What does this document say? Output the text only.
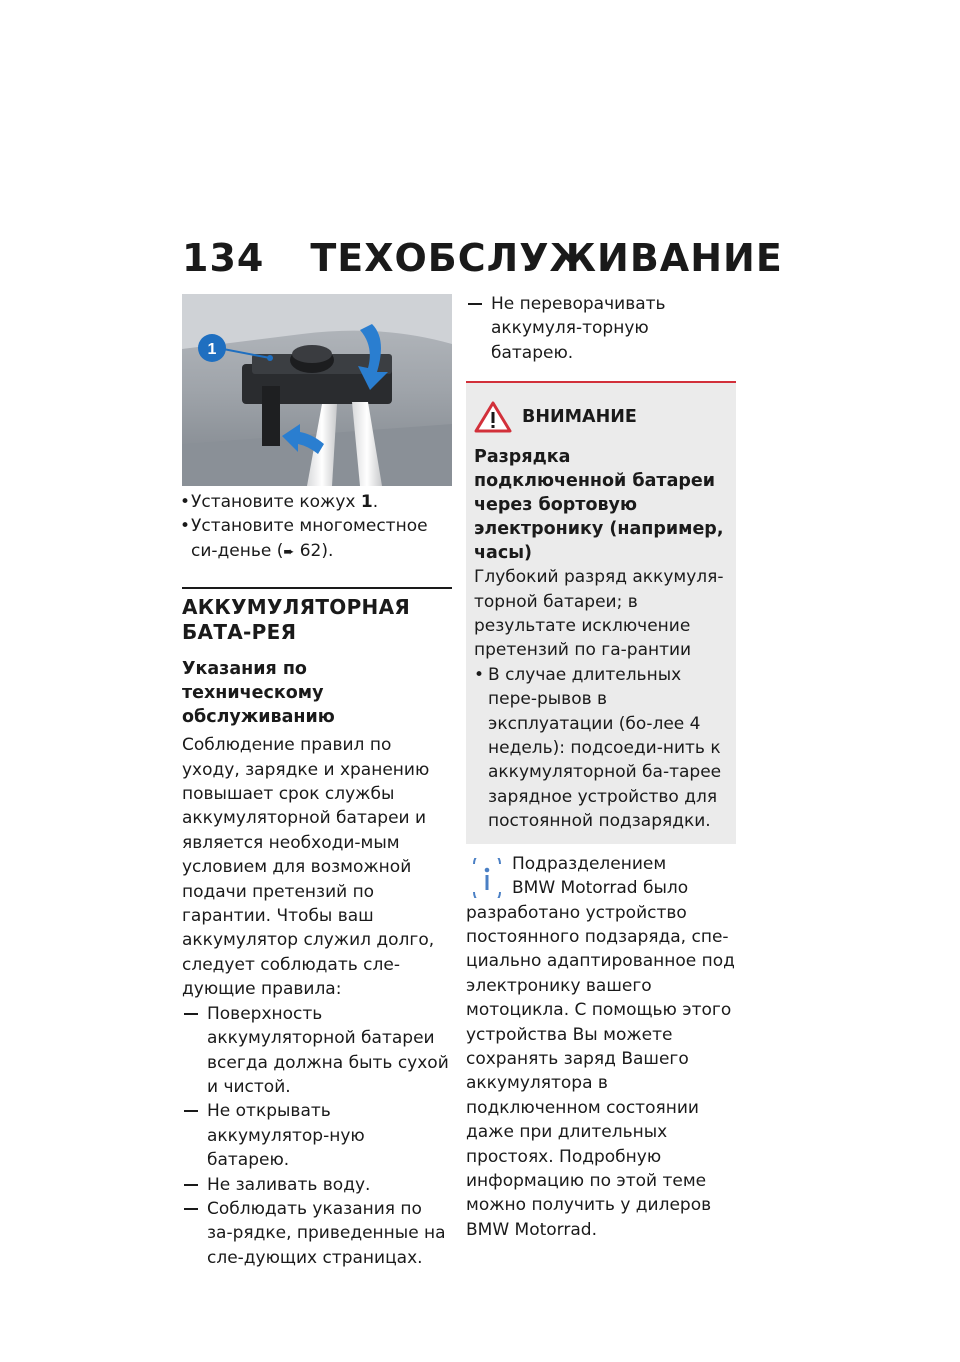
134 ТЕХОБСЛУЖИВАНИЕ
1
• Установите кожух 1.
• Установите многоместное си-денье (➨ 62).
АККУМУЛЯТОРНАЯ БАТА-РЕЯ
Указания по техническому обслуживанию
Соблюдение правил по уходу, зарядке и хранению повышает срок службы аккумуляторной батареи и является необходи-мым условием для возможной подачи претензий по гарантии. Чтобы ваш аккумулятор служил долго, следует соблюдать сле-дующие правила:
Поверхность аккумуляторной батареи всегда должна быть сухой и чистой.
Не открывать аккумулятор-ную батарею.
Не заливать воду.
Соблюдать указания по за-рядке, приведенные на сле-дующих страницах.
Не переворачивать аккумуля-торную батарею.
ВНИМАНИЕ
Разрядка подключенной батареи через бортовую электронику (например, часы)
Глубокий разряд аккумуля-торной батареи; в результате исключение претензий по га-рантии
• В случае длительных пере-рывов в эксплуатации (бо-лее 4 недель): подсоеди-нить к аккумуляторной ба-тарее зарядное устройство для постоянной подзарядки.
Подразделением
BMW Motorrad было
разработано устройство постоянного подзаряда, спе-циально адаптированное под электронику вашего мотоцикла. С помощью этого устройства Вы можете сохранять заряд Вашего аккумулятора в подключенном состоянии даже при длительных простоях. Подробную информацию по этой теме можно получить у дилеров BMW Motorrad.
